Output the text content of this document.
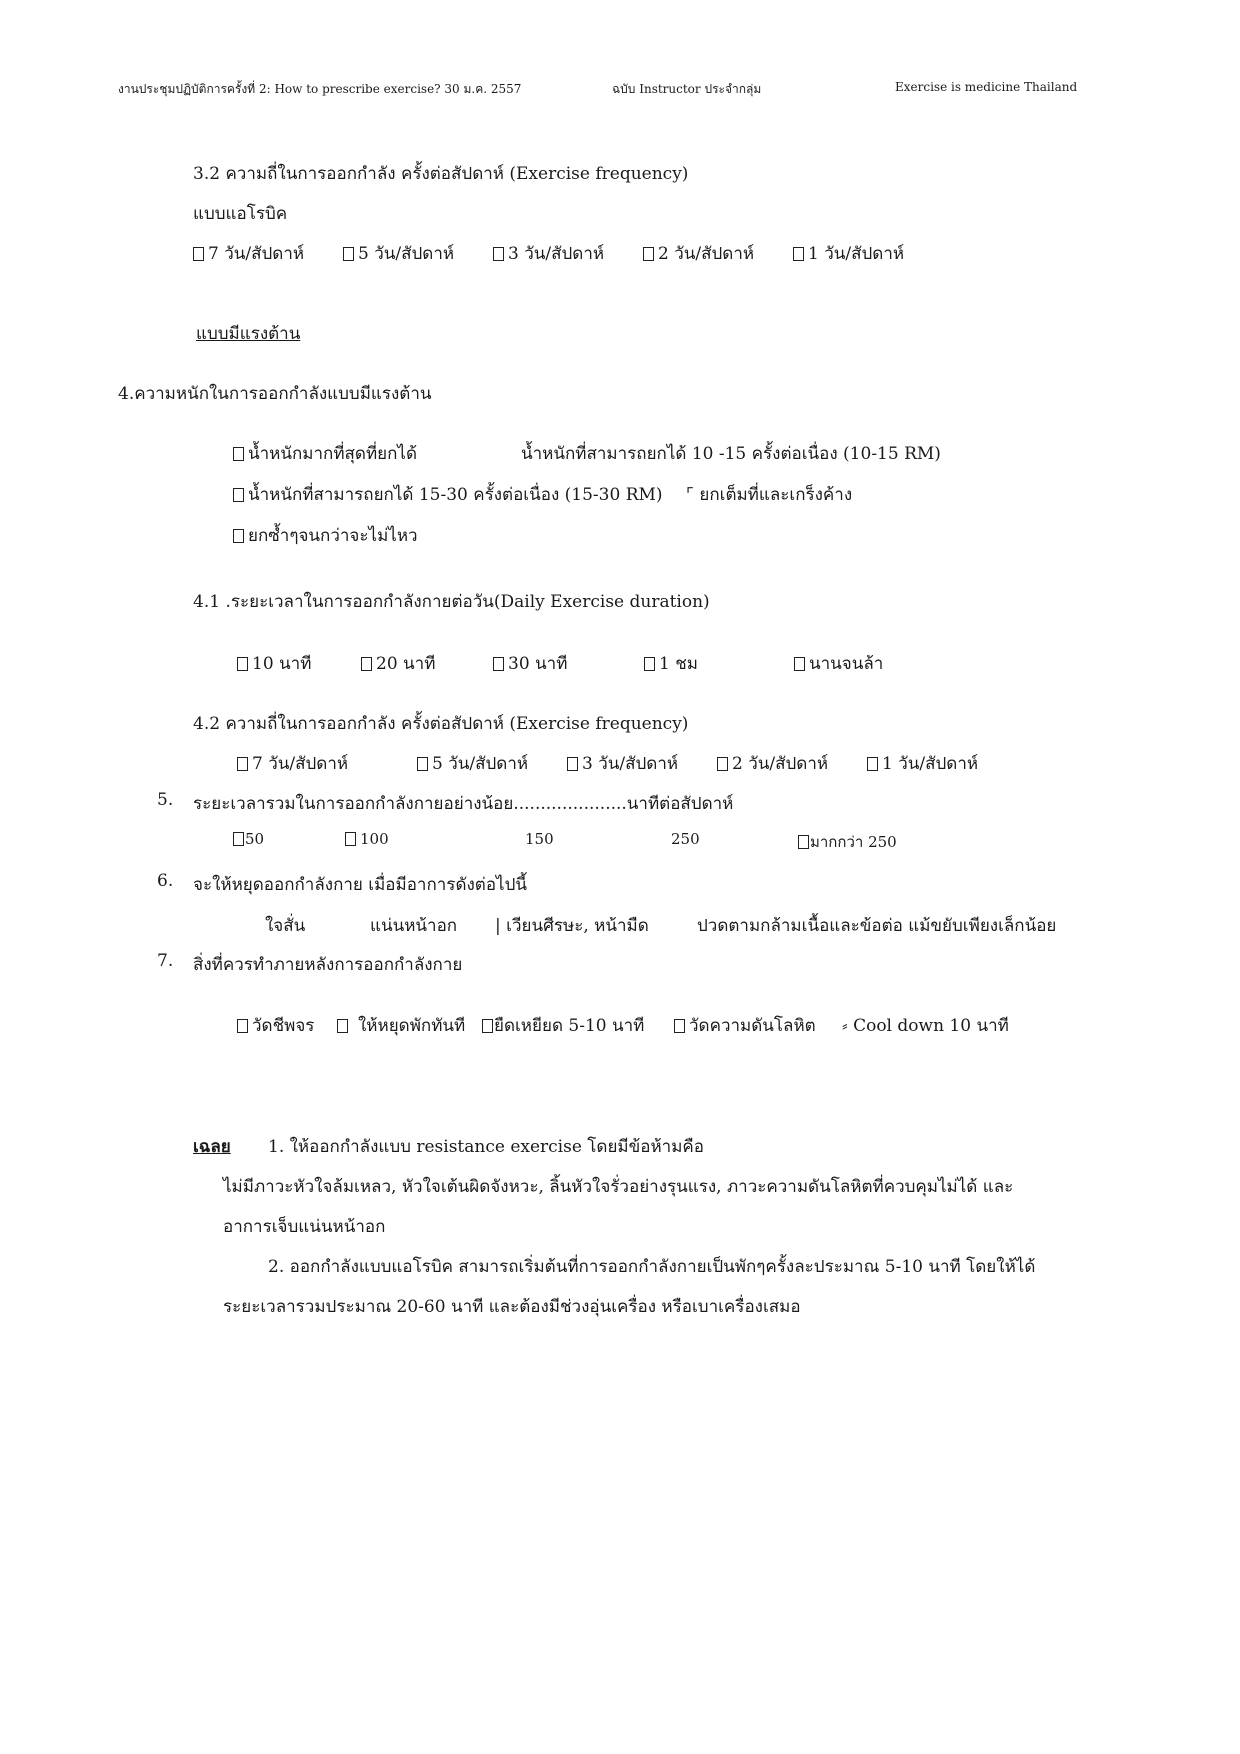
งานประชุมปฏิบัติการครั้งที่ 2: How to prescribe exercise? 30 ม.ค. 2557	ฉบับ Instructor ประจำกลุ่ม	Exercise is medicine Thailand
3.2 ความถี่ในการออกกำลัง ครั้งต่อสัปดาห์ (Exercise frequency)
แบบแอโรบิค
7 วัน/สัปดาห์	5 วัน/สัปดาห์	3 วัน/สัปดาห์	2 วัน/สัปดาห์	1 วัน/สัปดาห์
แบบมีแรงต้าน
4.ความหนักในการออกกำลังแบบมีแรงต้าน
น้ำหนักมากที่สุดที่ยกได้	น้ำหนักที่สามารถยกได้ 10 -15 ครั้งต่อเนื่อง (10-15 RM)
น้ำหนักที่สามารถยกได้ 15-30 ครั้งต่อเนื่อง (15-30 RM) ⌜ ยกเต็มที่และเกร็งค้าง
ยกซ้ำๆจนกว่าจะไม่ไหว
4.1 .ระยะเวลาในการออกกำลังกายต่อวัน(Daily Exercise duration)
10 นาที	20 นาที	30 นาที	1 ชม	นานจนล้า
4.2 ความถี่ในการออกกำลัง ครั้งต่อสัปดาห์ (Exercise frequency)
7 วัน/สัปดาห์	5 วัน/สัปดาห์	3 วัน/สัปดาห์	2 วัน/สัปดาห์	1 วัน/สัปดาห์
5. ระยะเวลารวมในการออกกำลังกายอย่างน้อย.....................นาทีต่อสัปดาห์
50	100	150	250	มากกว่า 250
6. จะให้หยุดออกกำลังกาย เมื่อมีอาการดังต่อไปนี้
ใจสั่น	แน่นหน้าอก | เวียนศีรษะ, หน้ามืด	ปวดตามกล้ามเนื้อและข้อต่อ แม้ขยับเพียงเล็กน้อย
7. สิ่งที่ควรทำภายหลังการออกกำลังกาย
วัดชีพจร	ให้หยุดพักทันที	ยืดเหยียด 5-10 นาที	วัดความดันโลหิต ⸗ Cool down 10 นาที
เฉลย 1. ให้ออกกำลังแบบ resistance exercise โดยมีข้อห้ามคือ
ไม่มีภาวะหัวใจล้มเหลว, หัวใจเต้นผิดจังหวะ, ลิ้นหัวใจรั่วอย่างรุนแรง, ภาวะความดันโลหิตที่ควบคุมไม่ได้ และ
อาการเจ็บแน่นหน้าอก
2. ออกกำลังแบบแอโรบิค สามารถเริ่มต้นที่การออกกำลังกายเป็นพักๆครั้งละประมาณ 5-10 นาที โดยให้ได้
ระยะเวลารวมประมาณ 20-60 นาที และต้องมีช่วงอุ่นเครื่อง หรือเบาเครื่องเสมอ
